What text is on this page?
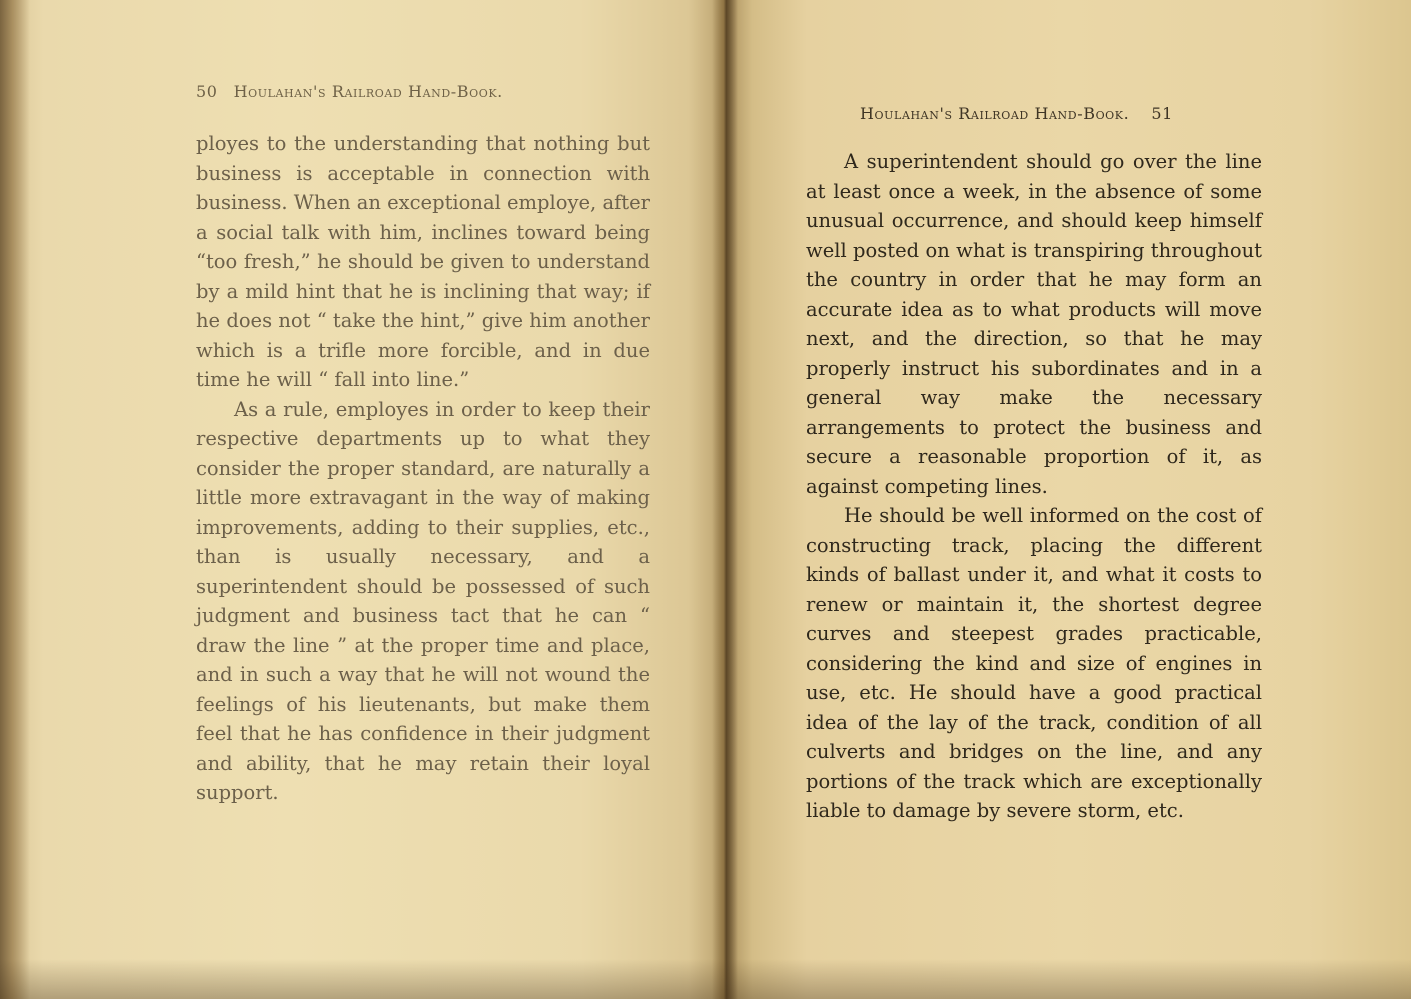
50 Houlahan's Railroad Hand-Book.

ployes to the understanding that nothing but business is acceptable in connection with business. When an exceptional employe, after a social talk with him, inclines toward being “too fresh,” he should be given to understand by a mild hint that he is inclining that way; if he does not “ take the hint,” give him another which is a trifle more forcible, and in due time he will “ fall into line.”

As a rule, employes in order to keep their respective departments up to what they consider the proper standard, are naturally a little more extravagant in the way of making improvements, adding to their supplies, etc., than is usually necessary, and a superintendent should be possessed of such judgment and business tact that he can “ draw the line ” at the proper time and place, and in such a way that he will not wound the feelings of his lieutenants, but make them feel that he has confidence in their judgment and ability, that he may retain their loyal support.

Houlahan's Railroad Hand-Book. 51

A superintendent should go over the line at least once a week, in the absence of some unusual occurrence, and should keep himself well posted on what is transpiring throughout the country in order that he may form an accurate idea as to what products will move next, and the direction, so that he may properly instruct his subordinates and in a general way make the necessary arrangements to protect the business and secure a reasonable proportion of it, as against competing lines.

He should be well informed on the cost of constructing track, placing the different kinds of ballast under it, and what it costs to renew or maintain it, the shortest degree curves and steepest grades practicable, considering the kind and size of engines in use, etc. He should have a good practical idea of the lay of the track, condition of all culverts and bridges on the line, and any portions of the track which are exceptionally liable to damage by severe storm, etc.
